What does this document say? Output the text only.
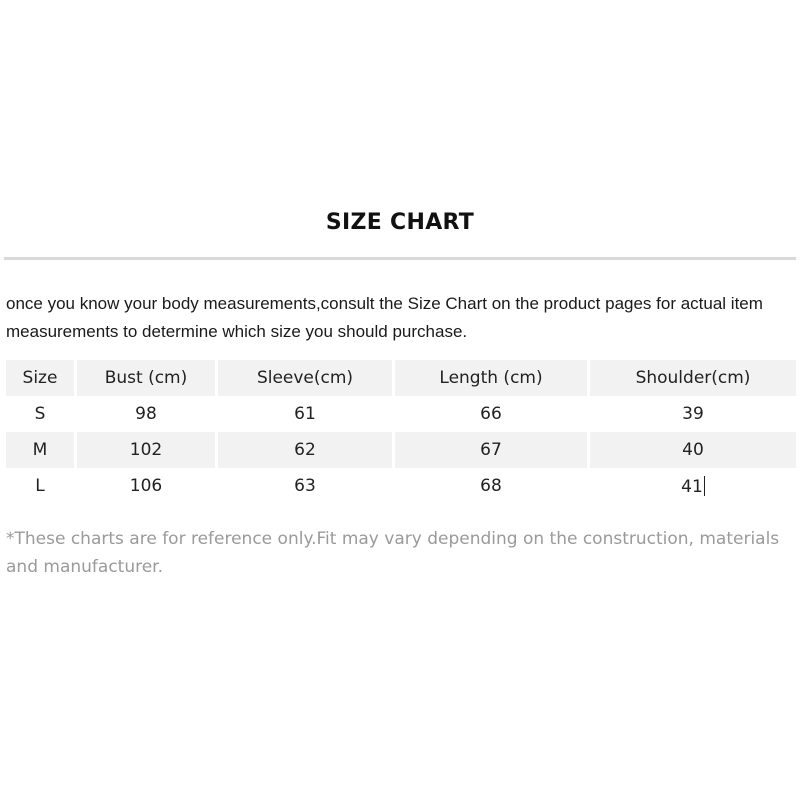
SIZE CHART
once you know your body measurements,consult the Size Chart on the product pages for actual item measurements to determine which size you should purchase.
Size	Bust (cm)	Sleeve(cm)	Length (cm)	Shoulder(cm)
S	98	61	66	39
M	102	62	67	40
L	106	63	68	41
*These charts are for reference only.Fit may vary depending on the construction, materials and manufacturer.
